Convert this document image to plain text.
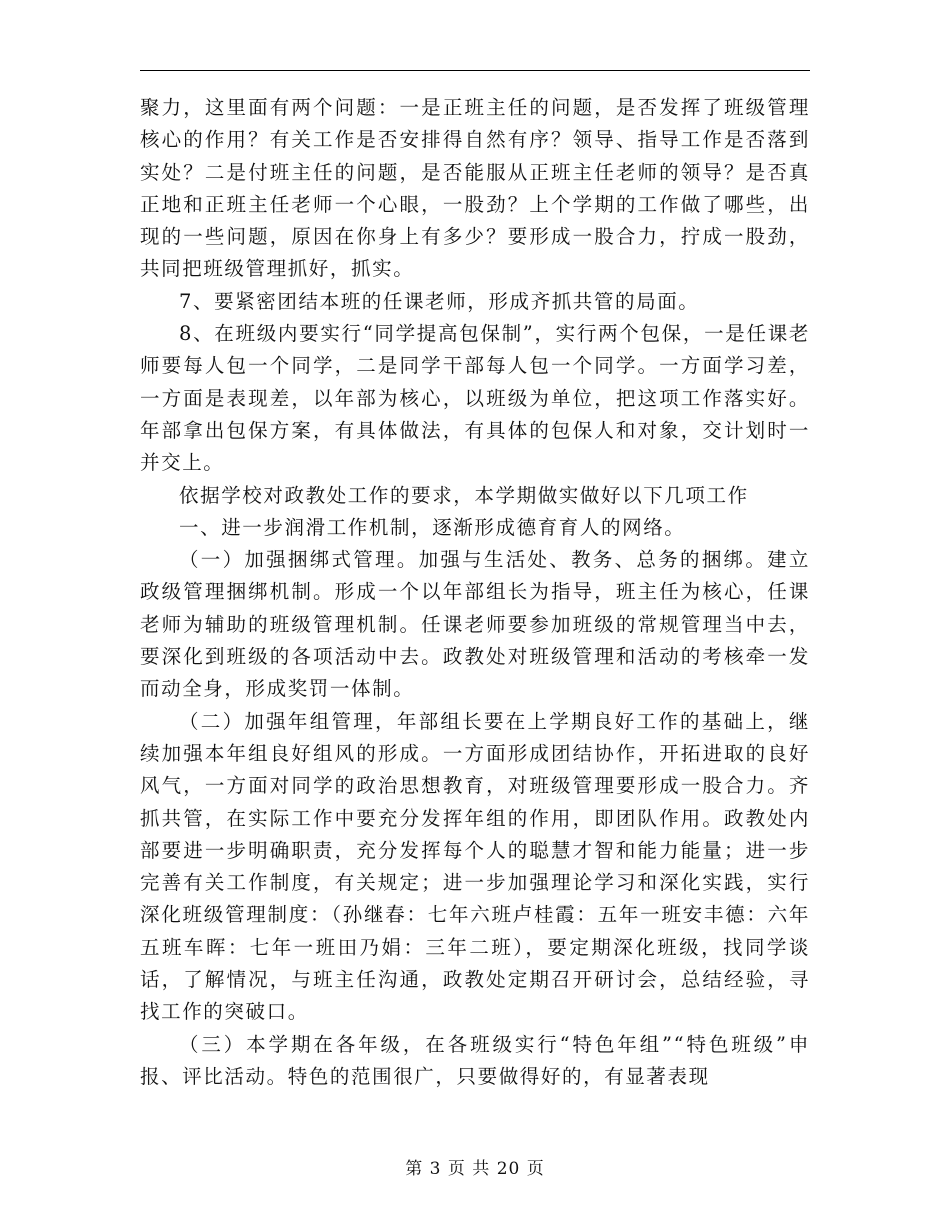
聚力，这里面有两个问题：一是正班主任的问题，是否发挥了班级管理核心的作用？有关工作是否安排得自然有序？领导、指导工作是否落到实处？二是付班主任的问题，是否能服从正班主任老师的领导？是否真正地和正班主任老师一个心眼，一股劲？上个学期的工作做了哪些，出现的一些问题，原因在你身上有多少？要形成一股合力，拧成一股劲，共同把班级管理抓好，抓实。

7、要紧密团结本班的任课老师，形成齐抓共管的局面。

8、在班级内要实行“同学提高包保制”，实行两个包保，一是任课老师要每人包一个同学，二是同学干部每人包一个同学。一方面学习差，一方面是表现差，以年部为核心，以班级为单位，把这项工作落实好。年部拿出包保方案，有具体做法，有具体的包保人和对象，交计划时一并交上。

依据学校对政教处工作的要求，本学期做实做好以下几项工作

一、进一步润滑工作机制，逐渐形成德育育人的网络。

（一）加强捆绑式管理。加强与生活处、教务、总务的捆绑。建立政级管理捆绑机制。形成一个以年部组长为指导，班主任为核心，任课老师为辅助的班级管理机制。任课老师要参加班级的常规管理当中去，要深化到班级的各项活动中去。政教处对班级管理和活动的考核牵一发而动全身，形成奖罚一体制。

（二）加强年组管理，年部组长要在上学期良好工作的基础上，继续加强本年组良好组风的形成。一方面形成团结协作，开拓进取的良好风气，一方面对同学的政治思想教育，对班级管理要形成一股合力。齐抓共管，在实际工作中要充分发挥年组的作用，即团队作用。政教处内部要进一步明确职责，充分发挥每个人的聪慧才智和能力能量；进一步完善有关工作制度，有关规定；进一步加强理论学习和深化实践，实行深化班级管理制度：（孙继春：七年六班卢桂霞：五年一班安丰德：六年五班车晖：七年一班田乃娟：三年二班），要定期深化班级，找同学谈话，了解情况，与班主任沟通，政教处定期召开研讨会，总结经验，寻找工作的突破口。

（三）本学期在各年级，在各班级实行“特色年组”“特色班级”申报、评比活动。特色的范围很广，只要做得好的，有显著表现

第 3 页 共 20 页
